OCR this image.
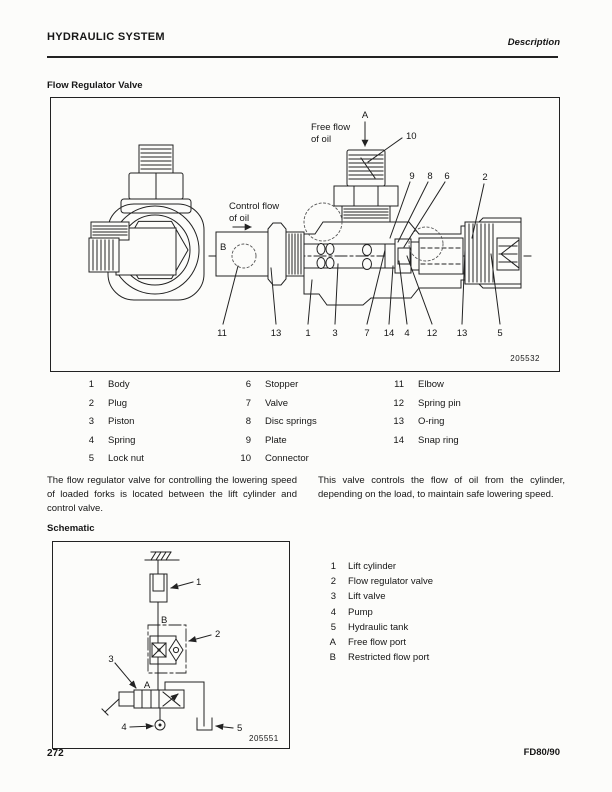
HYDRAULIC SYSTEM	Description
Flow Regulator Valve
A
Free flow
of oil	10
9 8 6	2
Control flow
of oil
B
11	13	1 3	7 14 4 12 13	5
205532
1 Body
2 Plug
3 Piston
4 Spring
5 Lock nut
6 Stopper
7 Valve
8 Disc springs
9 Plate
10 Connector
11 Elbow
12 Spring pin
13 O-ring
14 Snap ring
The flow regulator valve for controlling the lowering speed of loaded forks is located between the lift cylinder and control valve.
This valve controls the flow of oil from the cylinder, depending on the load, to maintain safe lowering speed.
Schematic
1
B
2
3
A
4	5
205551
1 Lift cylinder
2 Flow regulator valve
3 Lift valve
4 Pump
5 Hydraulic tank
A Free flow port
B Restricted flow port
272	FD80/90
